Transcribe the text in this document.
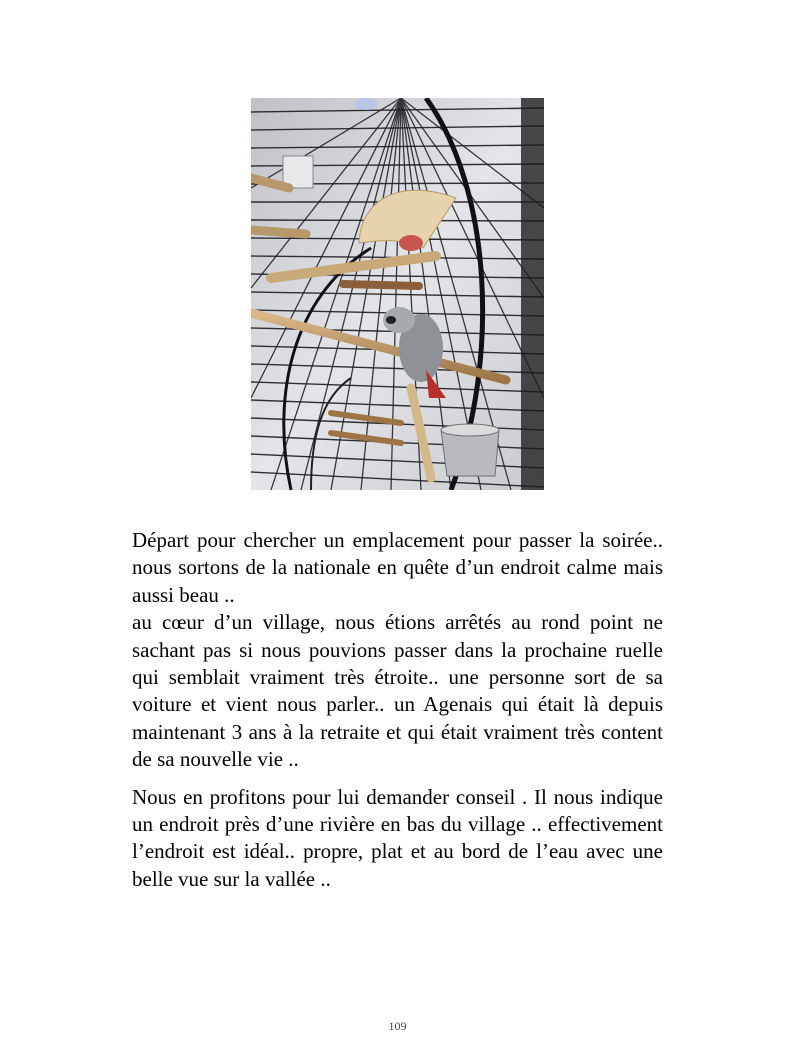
Départ pour chercher un emplacement pour passer la soirée.. nous sortons de la nationale en quête d’un endroit calme mais aussi beau ..

au cœur d’un village, nous étions arrêtés au rond point ne sachant pas si nous pouvions passer dans la prochaine ruelle qui semblait vraiment très étroite.. une personne sort de sa voiture et vient nous parler.. un Agenais qui était là depuis maintenant 3 ans à la retraite et qui était vraiment très content de sa nouvelle vie ..

Nous en profitons pour lui demander conseil . Il nous indique un endroit près d’une rivière en bas du village .. effectivement l’endroit est idéal.. propre, plat et au bord de l’eau avec une belle vue sur la vallée ..

109
